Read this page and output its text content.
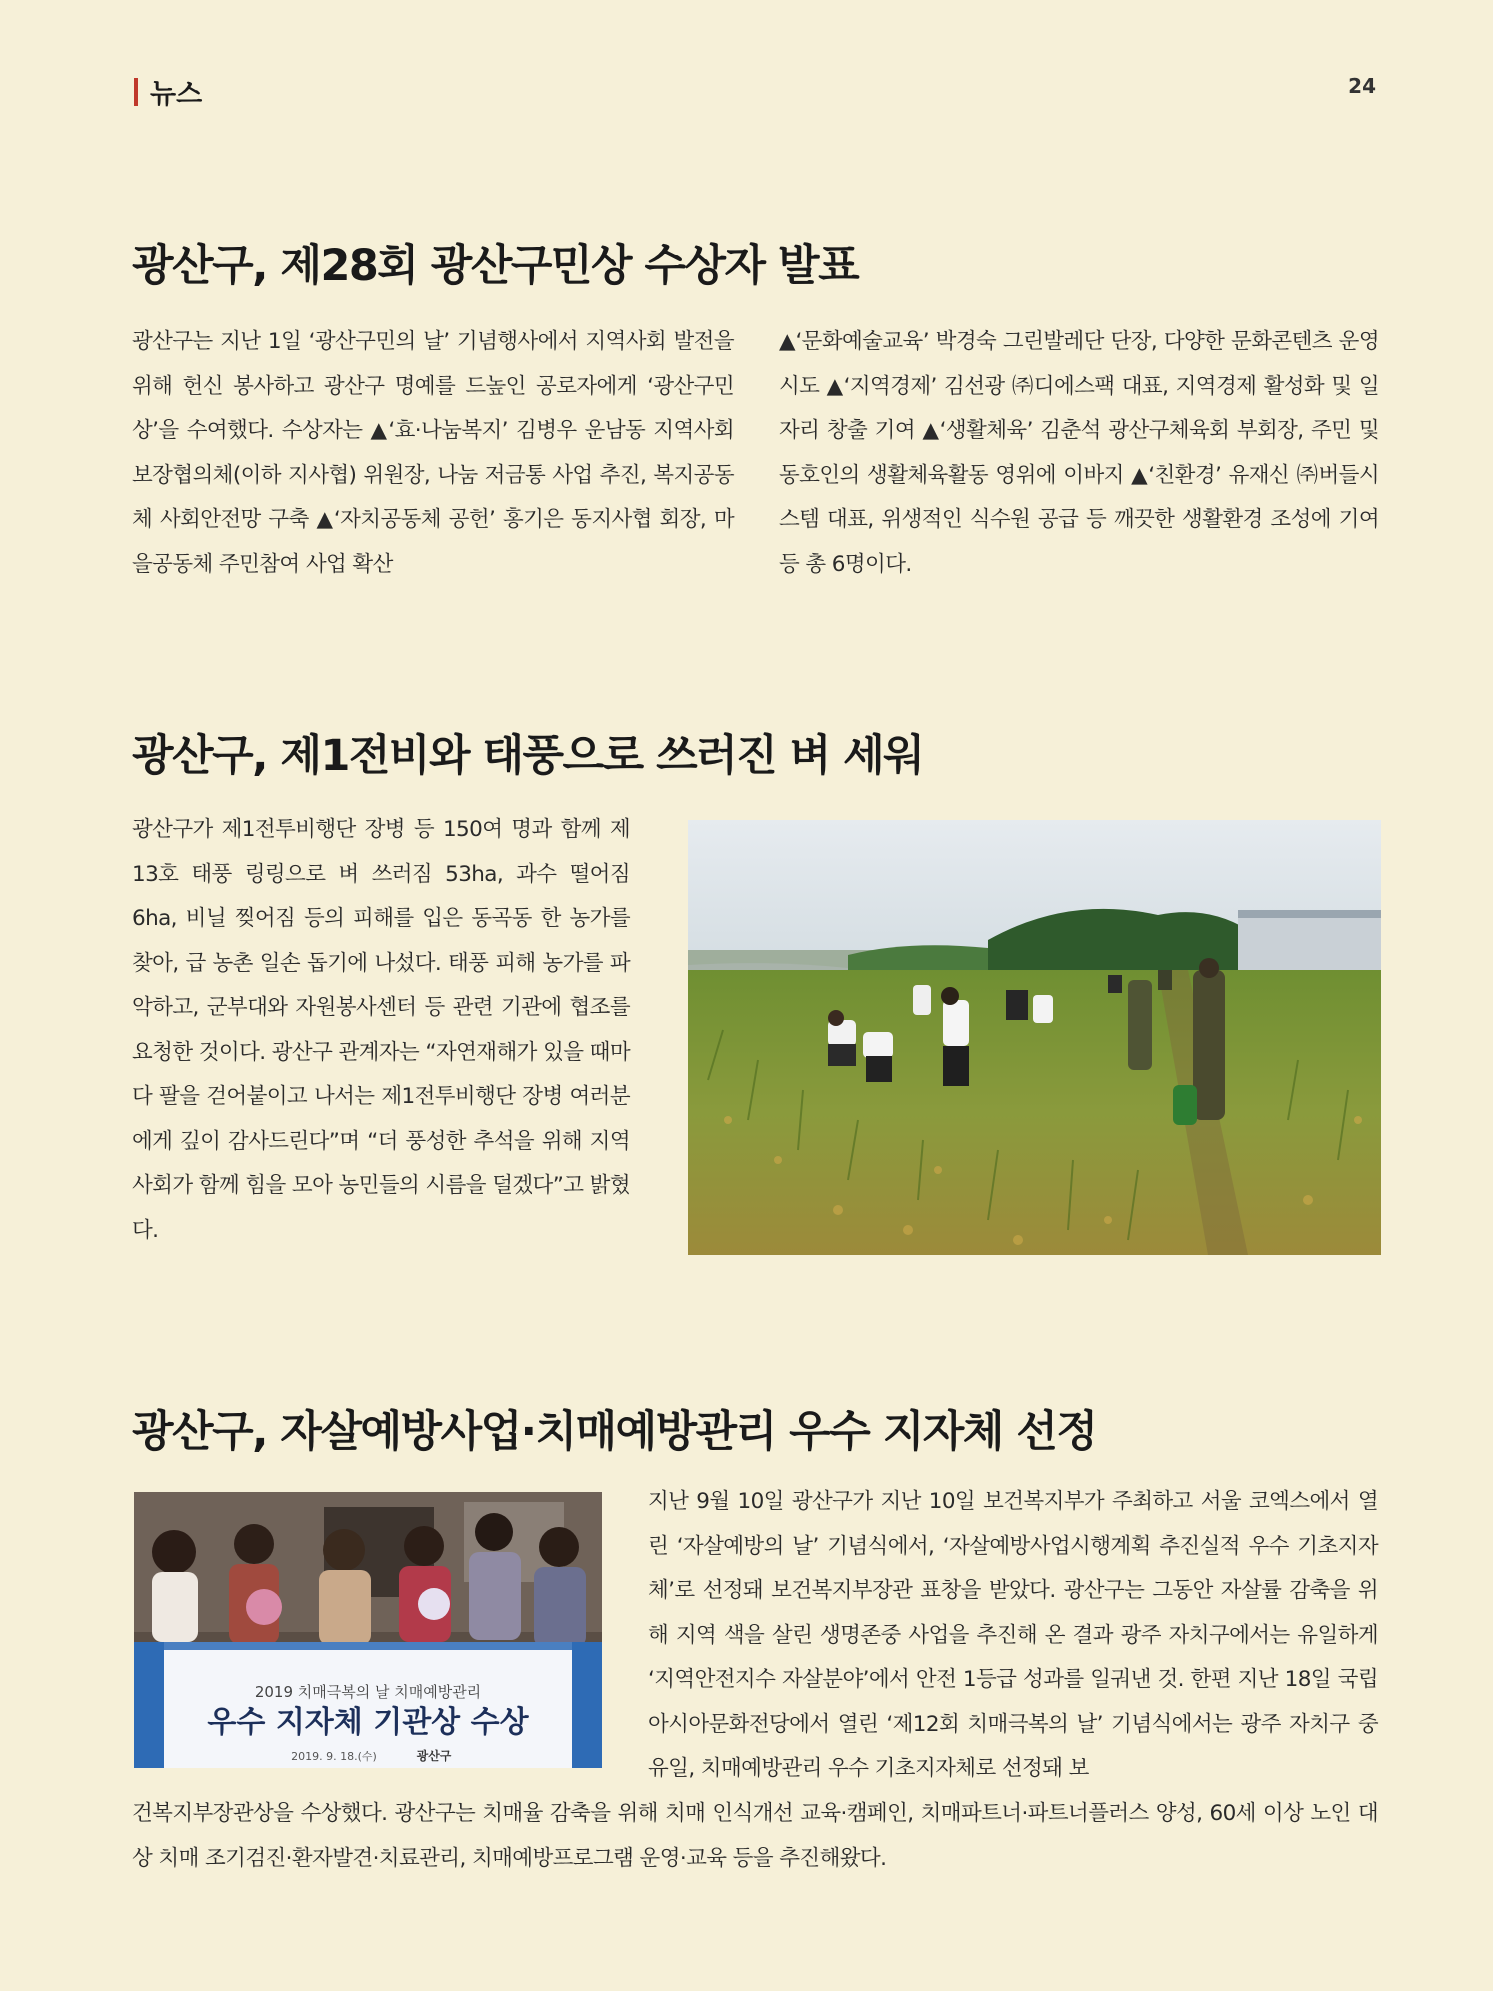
뉴스	24
광산구, 제28회 광산구민상 수상자 발표
광산구는 지난 1일 ‘광산구민의 날’ 기념행사에서 지역사회 발전을 위해 헌신 봉사하고 광산구 명예를 드높인 공로자에게 ‘광산구민상’을 수여했다. 수상자는 ▲‘효·나눔복지’ 김병우 운남동 지역사회보장협의체(이하 지사협) 위원장, 나눔 저금통 사업 추진, 복지공동체 사회안전망 구축 ▲‘자치공동체 공헌’ 홍기은 동지사협 회장, 마을공동체 주민참여 사업 확산
▲‘문화예술교육’ 박경숙 그린발레단 단장, 다양한 문화콘텐츠 운영 시도 ▲‘지역경제’ 김선광 ㈜디에스팩 대표, 지역경제 활성화 및 일자리 창출 기여 ▲‘생활체육’ 김춘석 광산구체육회 부회장, 주민 및 동호인의 생활체육활동 영위에 이바지 ▲‘친환경’ 유재신 ㈜버들시스템 대표, 위생적인 식수원 공급 등 깨끗한 생활환경 조성에 기여 등 총 6명이다.
광산구, 제1전비와 태풍으로 쓰러진 벼 세워
광산구가 제1전투비행단 장병 등 150여 명과 함께 제13호 태풍 링링으로 벼 쓰러짐 53ha, 과수 떨어짐 6ha, 비닐 찢어짐 등의 피해를 입은 동곡동 한 농가를 찾아, 급 농촌 일손 돕기에 나섰다. 태풍 피해 농가를 파악하고, 군부대와 자원봉사센터 등 관련 기관에 협조를 요청한 것이다. 광산구 관계자는 “자연재해가 있을 때마다 팔을 걷어붙이고 나서는 제1전투비행단 장병 여러분에게 깊이 감사드린다”며 “더 풍성한 추석을 위해 지역사회가 함께 힘을 모아 농민들의 시름을 덜겠다”고 밝혔다.
광산구, 자살예방사업·치매예방관리 우수 지자체 선정
2019 치매극복의 날 치매예방관리
우수 지자체 기관상 수상
2019. 9. 18.(수)	광산구
지난 9월 10일 광산구가 지난 10일 보건복지부가 주최하고 서울 코엑스에서 열린 ‘자살예방의 날’ 기념식에서, ‘자살예방사업시행계획 추진실적 우수 기초지자체’로 선정돼 보건복지부장관 표창을 받았다. 광산구는 그동안 자살률 감축을 위해 지역 색을 살린 생명존중 사업을 추진해 온 결과 광주 자치구에서는 유일하게 ‘지역안전지수 자살분야’에서 안전 1등급 성과를 일궈낸 것. 한편 지난 18일 국립아시아문화전당에서 열린 ‘제12회 치매극복의 날’ 기념식에서는 광주 자치구 중 유일, 치매예방관리 우수 기초지자체로 선정돼 보
건복지부장관상을 수상했다. 광산구는 치매율 감축을 위해 치매 인식개선 교육·캠페인, 치매파트너·파트너플러스 양성, 60세 이상 노인 대상 치매 조기검진·환자발견·치료관리, 치매예방프로그램 운영·교육 등을 추진해왔다.
